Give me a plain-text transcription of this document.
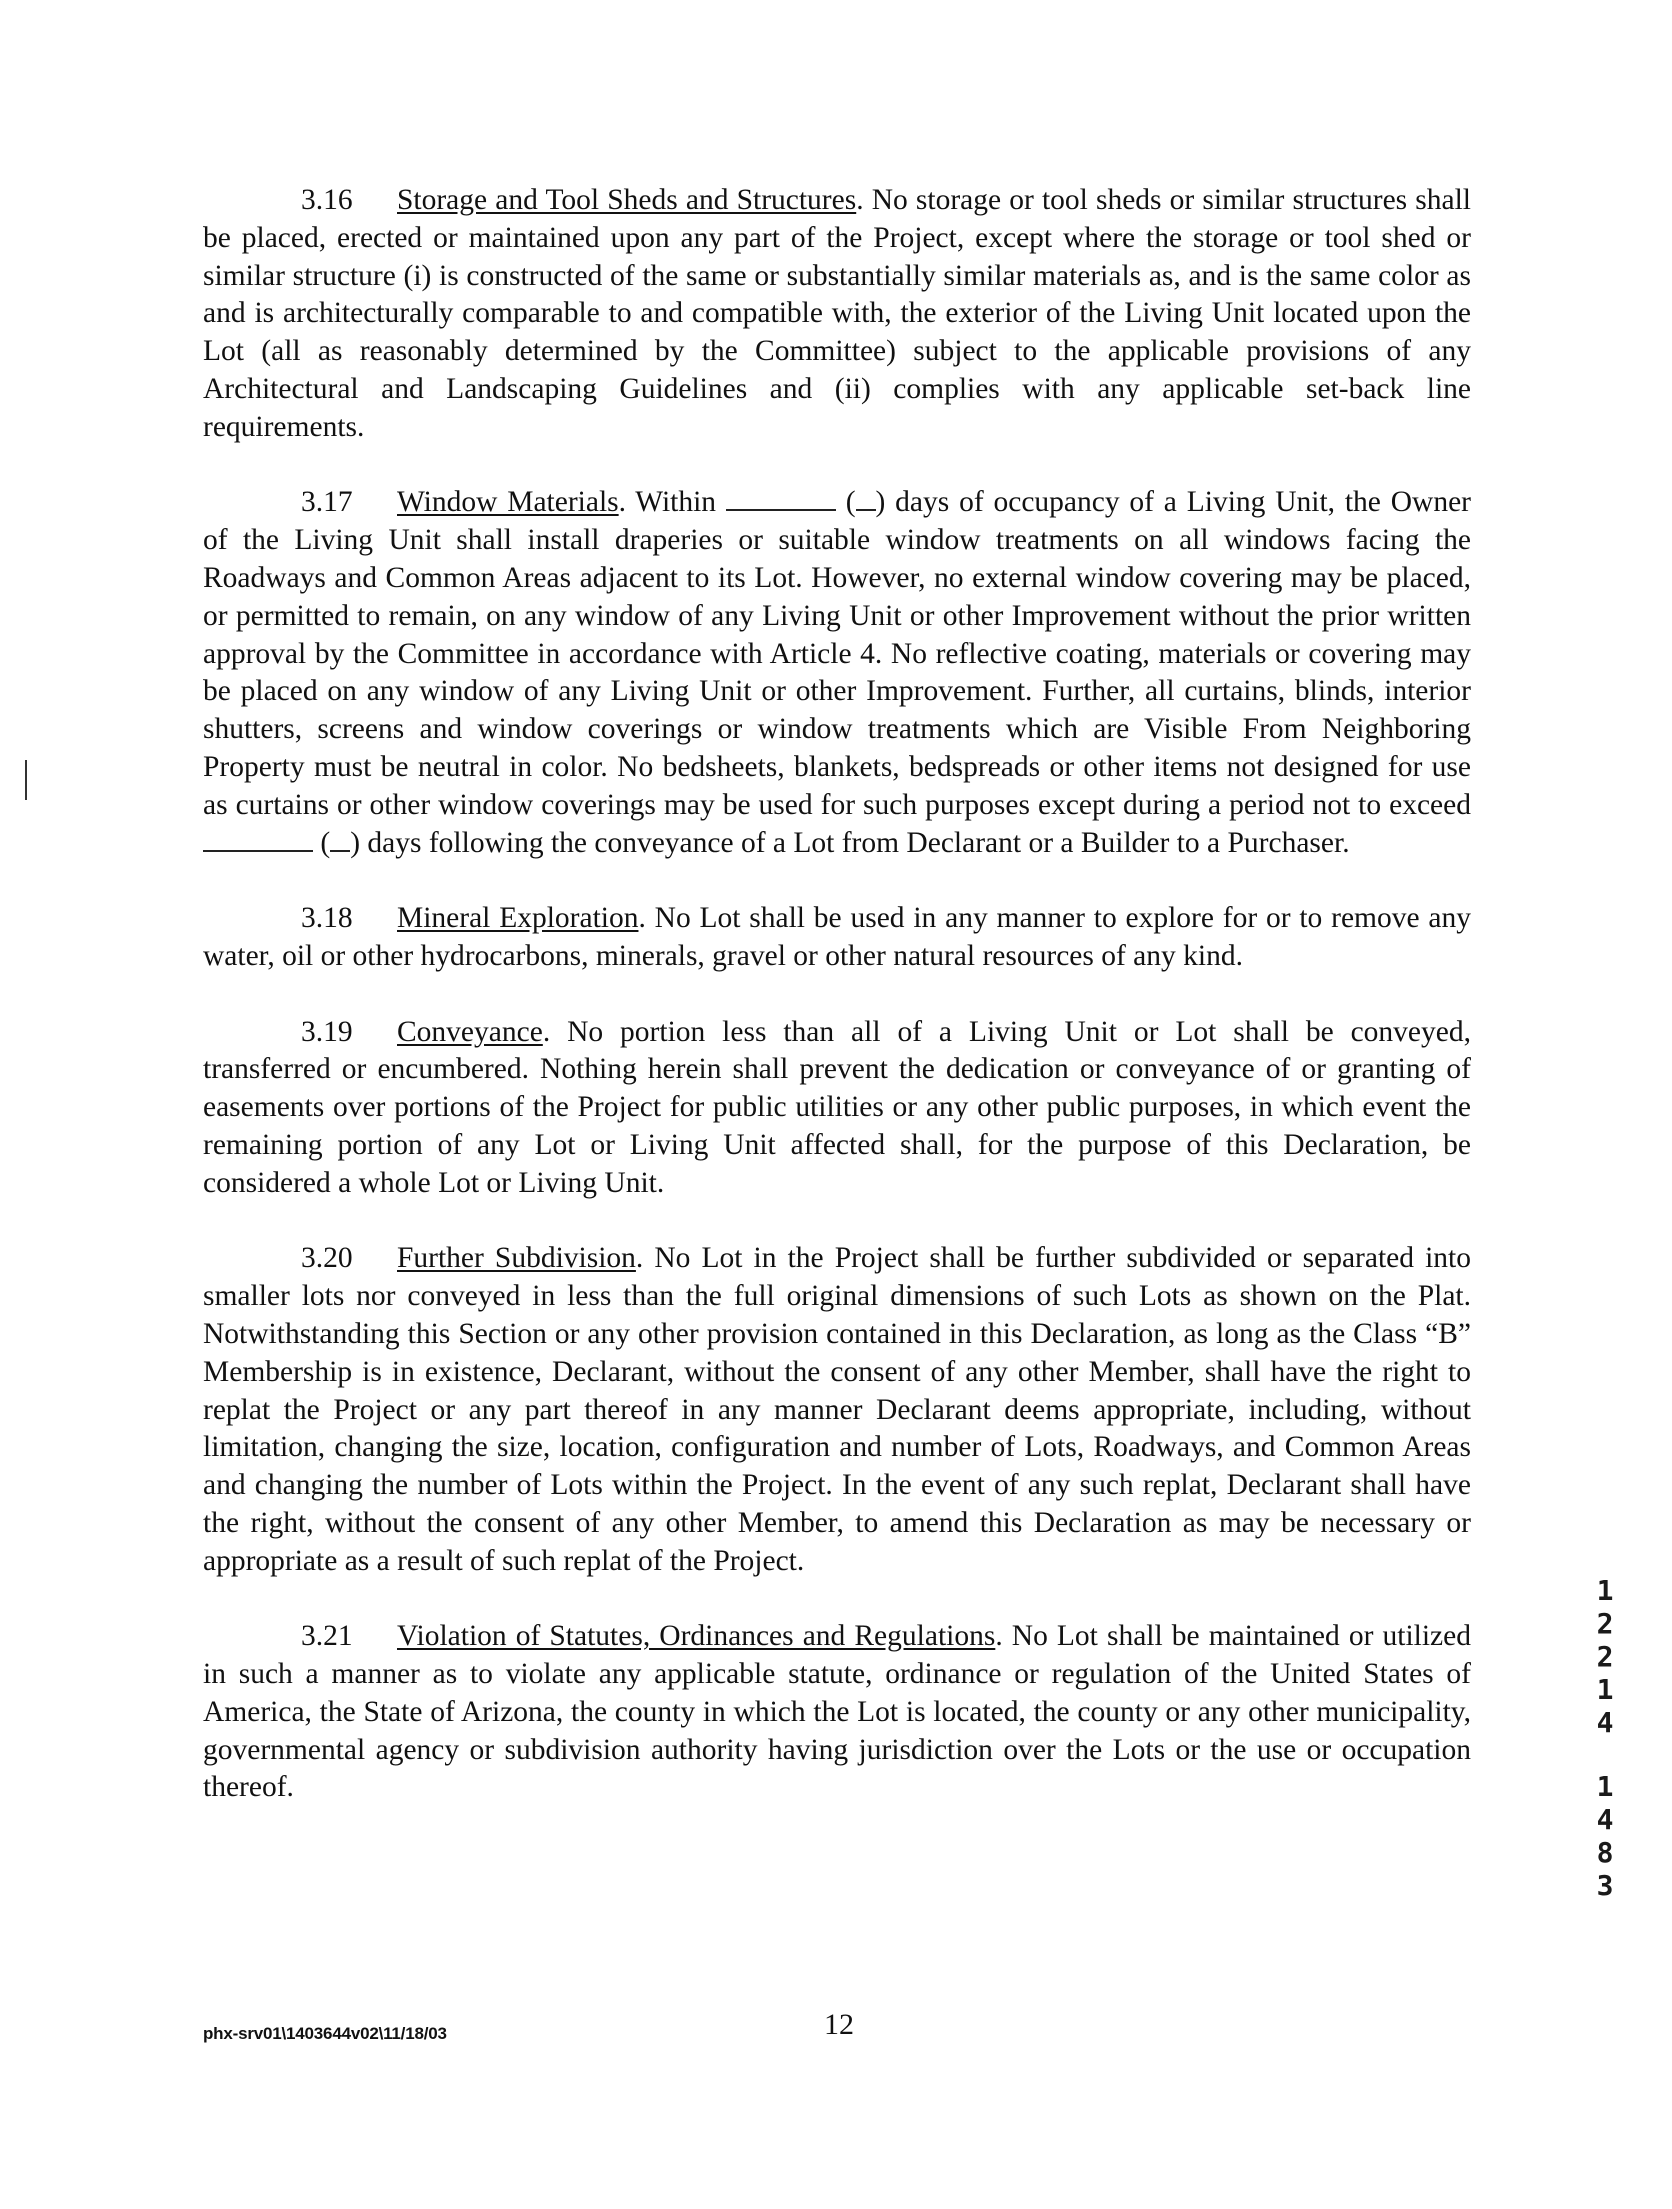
3.16 Storage and Tool Sheds and Structures. No storage or tool sheds or similar structures shall be placed, erected or maintained upon any part of the Project, except where the storage or tool shed or similar structure (i) is constructed of the same or substantially similar materials as, and is the same color as and is architecturally comparable to and compatible with, the exterior of the Living Unit located upon the Lot (all as reasonably determined by the Committee) subject to the applicable provisions of any Architectural and Landscaping Guidelines and (ii) complies with any applicable set-back line requirements.

3.17 Window Materials. Within	( ) days of occupancy of a Living Unit, the Owner of the Living Unit shall install draperies or suitable window treatments on all windows facing the Roadways and Common Areas adjacent to its Lot. However, no external window covering may be placed, or permitted to remain, on any window of any Living Unit or other Improvement without the prior written approval by the Committee in accordance with Article 4. No reflective coating, materials or covering may be placed on any window of any Living Unit or other Improvement. Further, all curtains, blinds, interior shutters, screens and window coverings or window treatments which are Visible From Neighboring Property must be neutral in color. No bedsheets, blankets, bedspreads or other items not designed for use as curtains or other window coverings may be used for such purposes except during a period not to exceed  ( ) days following the conveyance of a Lot from Declarant or a Builder to a Purchaser.

3.18 Mineral Exploration. No Lot shall be used in any manner to explore for or to remove any water, oil or other hydrocarbons, minerals, gravel or other natural resources of any kind.

3.19 Conveyance. No portion less than all of a Living Unit or Lot shall be conveyed, transferred or encumbered. Nothing herein shall prevent the dedication or conveyance of or granting of easements over portions of the Project for public utilities or any other public purposes, in which event the remaining portion of any Lot or Living Unit affected shall, for the purpose of this Declaration, be considered a whole Lot or Living Unit.

3.20 Further Subdivision. No Lot in the Project shall be further subdivided or separated into smaller lots nor conveyed in less than the full original dimensions of such Lots as shown on the Plat. Notwithstanding this Section or any other provision contained in this Declaration, as long as the Class “B” Membership is in existence, Declarant, without the consent of any other Member, shall have the right to replat the Project or any part thereof in any manner Declarant deems appropriate, including, without limitation, changing the size, location, configuration and number of Lots, Roadways, and Common Areas and changing the number of Lots within the Project. In the event of any such replat, Declarant shall have the right, without the consent of any other Member, to amend this Declaration as may be necessary or appropriate as a result of such replat of the Project.

3.21 Violation of Statutes, Ordinances and Regulations. No Lot shall be maintained or utilized in such a manner as to violate any applicable statute, ordinance or regulation of the United States of America, the State of Arizona, the county in which the Lot is located, the county or any other municipality, governmental agency or subdivision authority having jurisdiction over the Lots or the use or occupation thereof.

1
2
2
1
4
1
4
8
3
phx-srv01\1403644v02\11/18/03	12
